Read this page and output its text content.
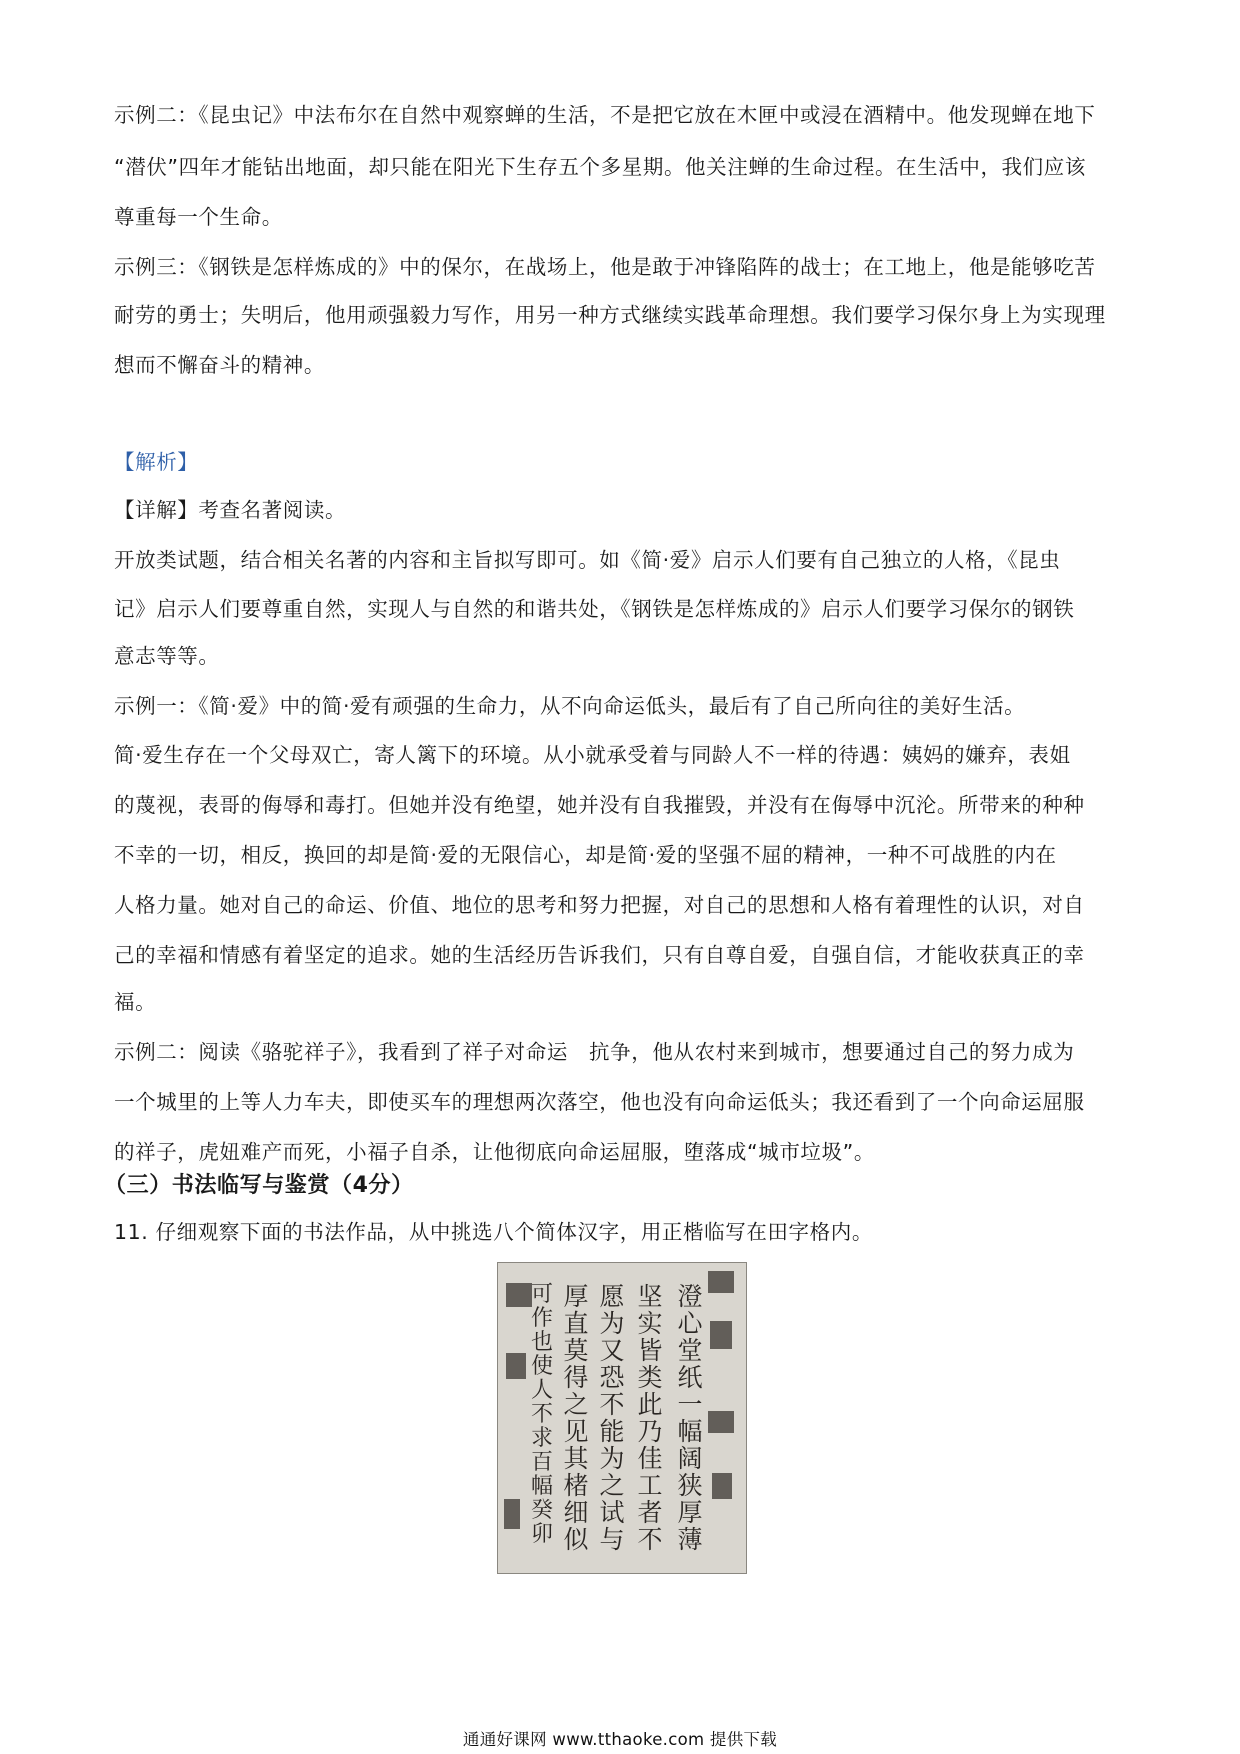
示例二：《昆虫记》中法布尔在自然中观察蝉的生活，不是把它放在木匣中或浸在酒精中。他发现蝉在地下
“潜伏”四年才能钻出地面，却只能在阳光下生存五个多星期。他关注蝉的生命过程。在生活中，我们应该
尊重每一个生命。
示例三：《钢铁是怎样炼成的》中的保尔，在战场上，他是敢于冲锋陷阵的战士；在工地上，他是能够吃苦
耐劳的勇士；失明后，他用顽强毅力写作，用另一种方式继续实践革命理想。我们要学习保尔身上为实现理
想而不懈奋斗的精神。
【解析】
【详解】考查名著阅读。
开放类试题，结合相关名著的内容和主旨拟写即可。如《简·爱》启示人们要有自己独立的人格，《昆虫
记》启示人们要尊重自然，实现人与自然的和谐共处，《钢铁是怎样炼成的》启示人们要学习保尔的钢铁
意志等等。
示例一：《简·爱》中的简·爱有顽强的生命力，从不向命运低头，最后有了自己所向往的美好生活。
简·爱生存在一个父母双亡，寄人篱下的环境。从小就承受着与同龄人不一样的待遇：姨妈的嫌弃，表姐
的蔑视，表哥的侮辱和毒打。但她并没有绝望，她并没有自我摧毁，并没有在侮辱中沉沦。所带来的种种
不幸的一切，相反，换回的却是简·爱的无限信心，却是简·爱的坚强不屈的精神，一种不可战胜的内在
人格力量。她对自己的命运、价值、地位的思考和努力把握，对自己的思想和人格有着理性的认识，对自
己的幸福和情感有着坚定的追求。她的生活经历告诉我们，只有自尊自爱，自强自信，才能收获真正的幸
福。
示例二：阅读《骆驼祥子》，我看到了祥子对命运　抗争，他从农村来到城市，想要通过自己的努力成为
一个城里的上等人力车夫，即使买车的理想两次落空，他也没有向命运低头；我还看到了一个向命运屈服
的祥子，虎妞难产而死，小福子自杀，让他彻底向命运屈服，堕落成“城市垃圾”。
（三）书法临写与鉴赏（4分）
11. 仔细观察下面的书法作品，从中挑选八个简体汉字，用正楷临写在田字格内。
澄心堂纸一幅阔狭厚薄
坚实皆类此乃佳工者不
愿为又恐不能为之试与
厚直莫得之见其楮细似
可作也使人不求百幅癸卯
通通好课网 www.tthaoke.com 提供下载
